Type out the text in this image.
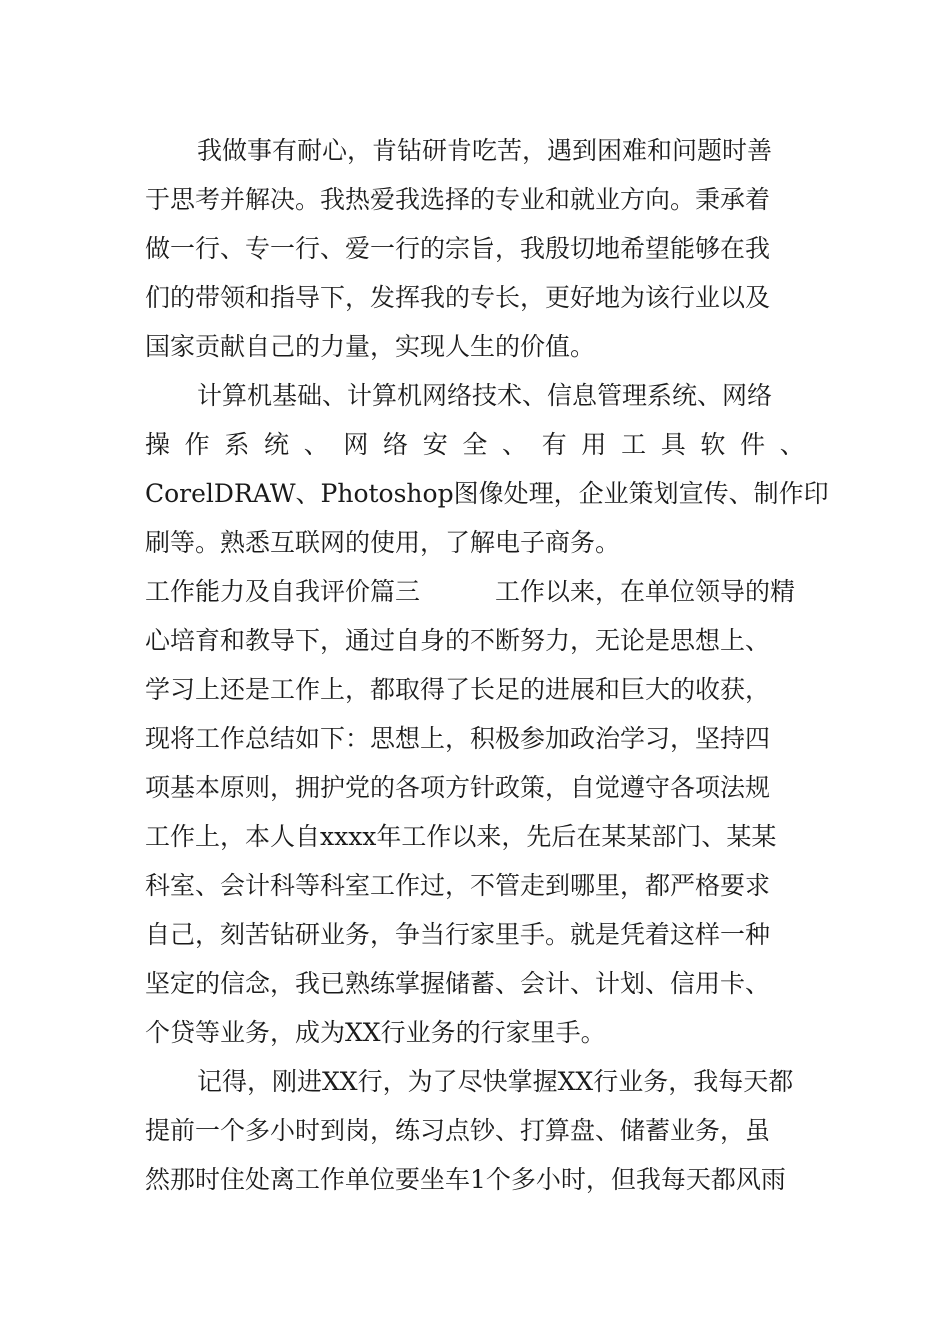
我做事有耐心，肯钻研肯吃苦，遇到困难和问题时善
于思考并解决。我热爱我选择的专业和就业方向。秉承着
做一行、专一行、爱一行的宗旨，我殷切地希望能够在我
们的带领和指导下，发挥我的专长，更好地为该行业以及
国家贡献自己的力量，实现人生的价值。
计算机基础、计算机网络技术、信息管理系统、网络
操 作 系 统 、 网 络 安 全 、 有 用 工 具 软 件 、
CorelDRAW、Photoshop图像处理，企业策划宣传、制作印
刷等。熟悉互联网的使用，了解电子商务。
工作能力及自我评价篇三　　　工作以来，在单位领导的精
心培育和教导下，通过自身的不断努力，无论是思想上、
学习上还是工作上，都取得了长足的进展和巨大的收获，
现将工作总结如下：思想上，积极参加政治学习，坚持四
项基本原则，拥护党的各项方针政策，自觉遵守各项法规
工作上，本人自xxxx年工作以来，先后在某某部门、某某
科室、会计科等科室工作过，不管走到哪里，都严格要求
自己，刻苦钻研业务，争当行家里手。就是凭着这样一种
坚定的信念，我已熟练掌握储蓄、会计、计划、信用卡、
个贷等业务，成为XX行业务的行家里手。
记得，刚进XX行，为了尽快掌握XX行业务，我每天都
提前一个多小时到岗，练习点钞、打算盘、储蓄业务，虽
然那时住处离工作单位要坐车1个多小时，但我每天都风雨
